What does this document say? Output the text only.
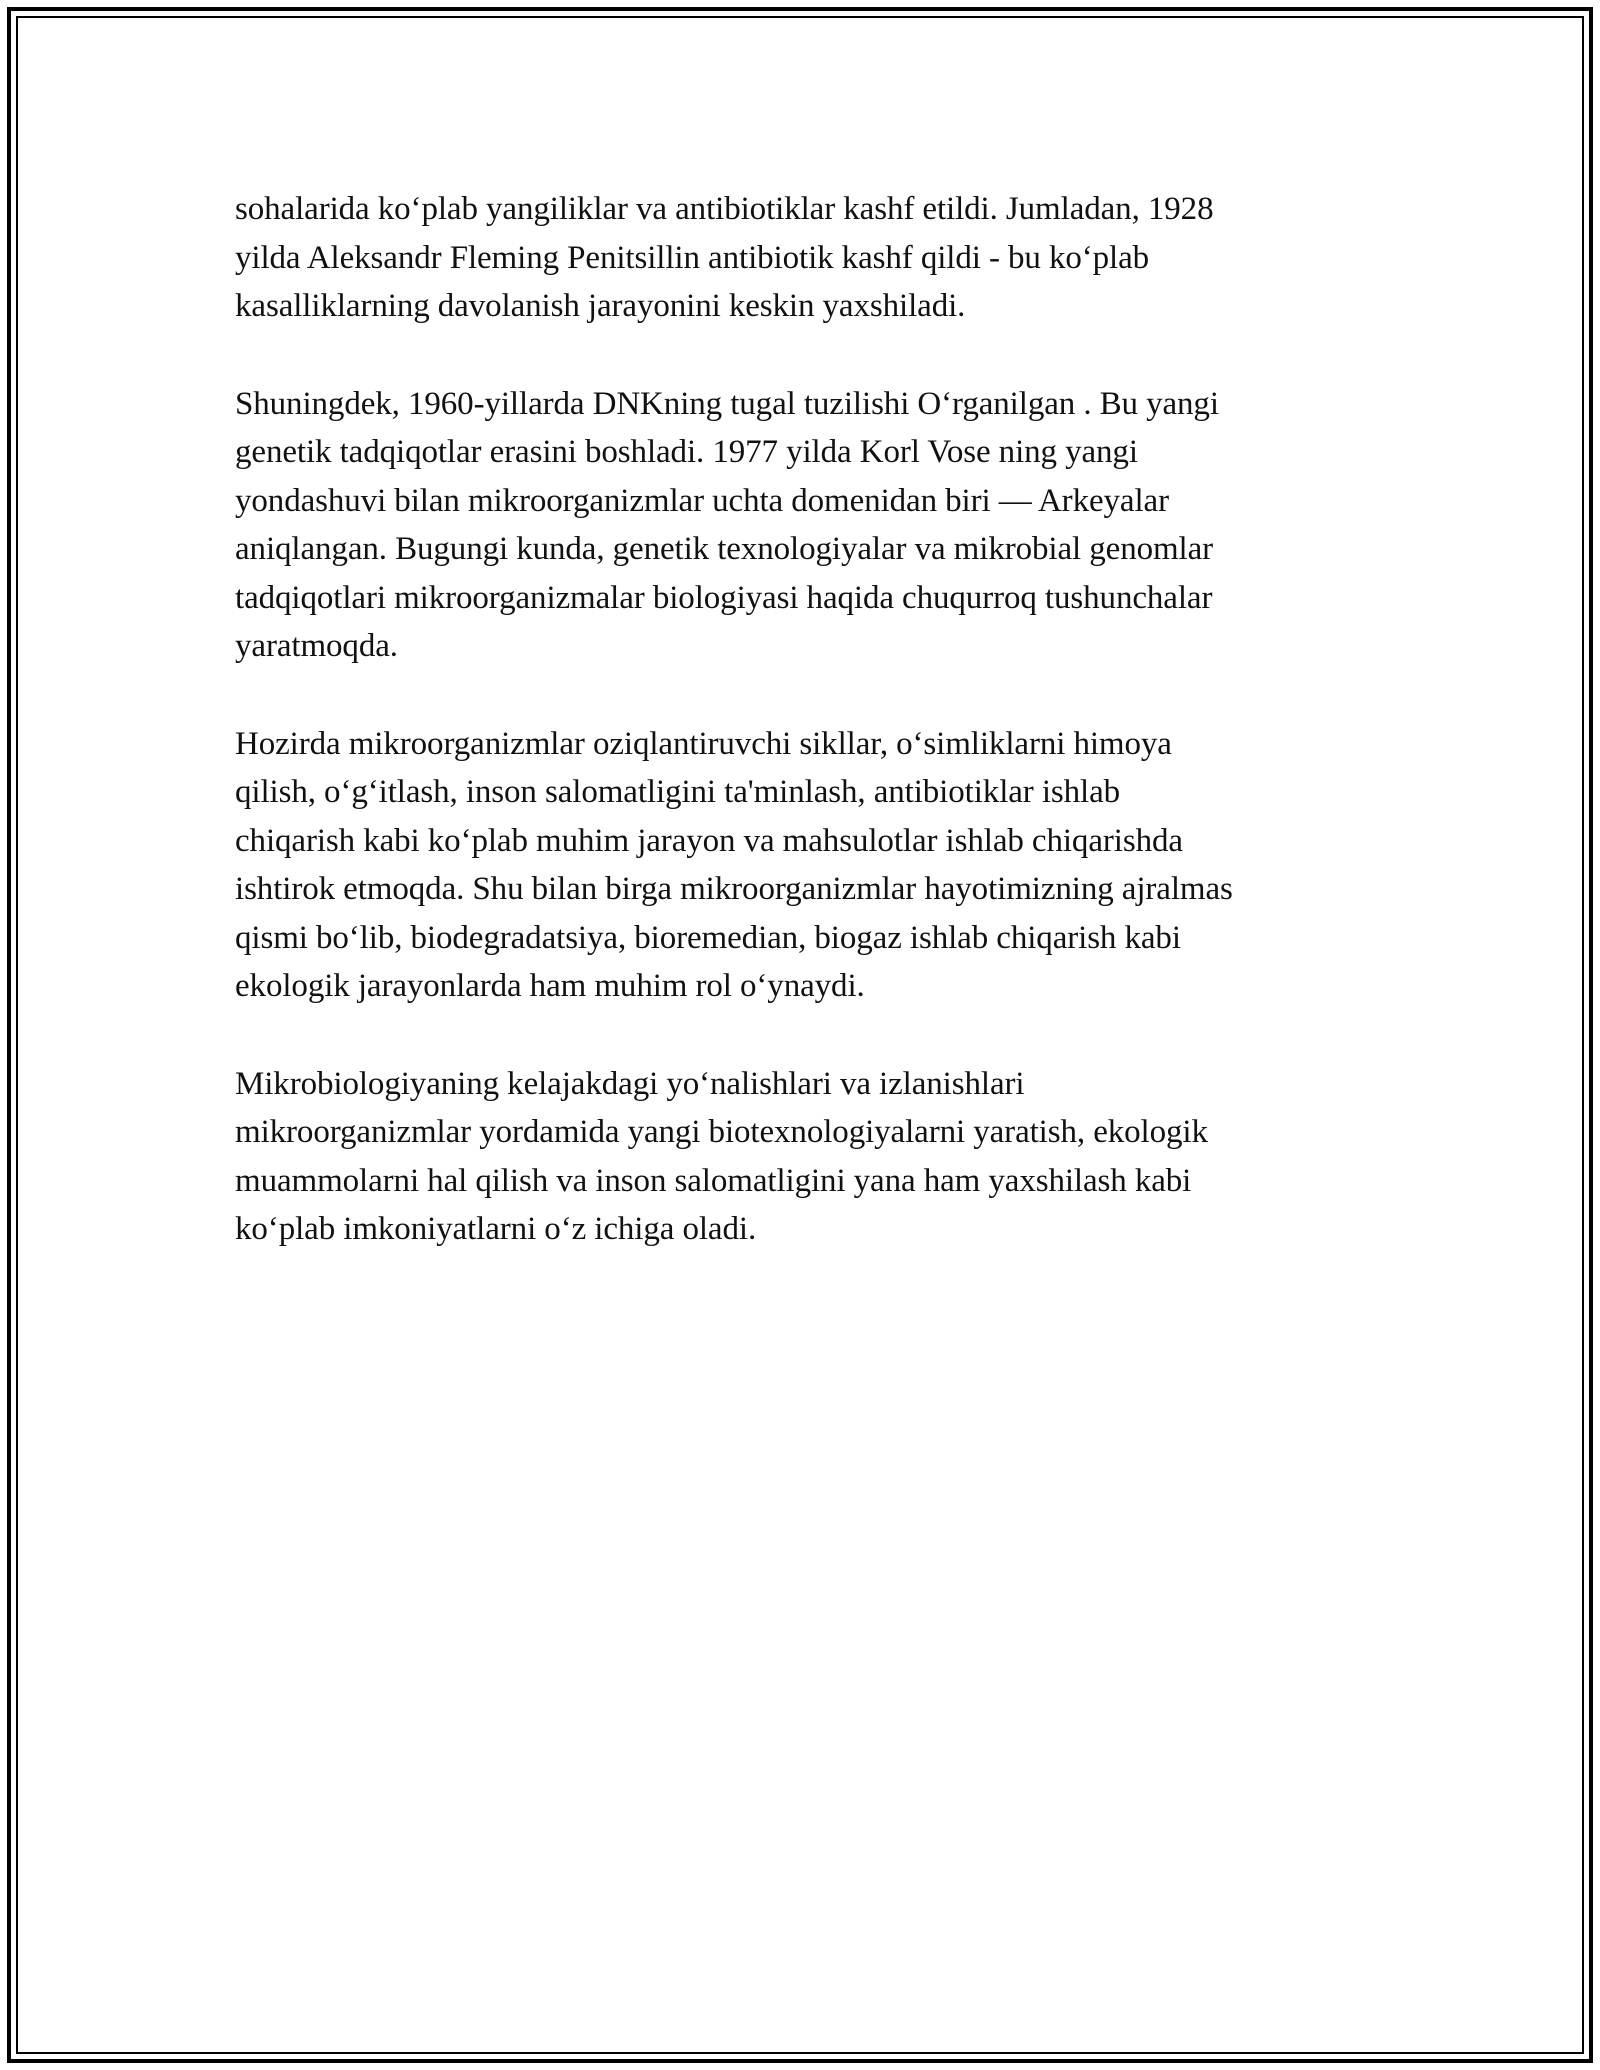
sohalarida ko‘plab yangiliklar va antibiotiklar kashf etildi. Jumladan, 1928
yilda Aleksandr Fleming Penitsillin antibiotik kashf qildi - bu ko‘plab
kasalliklarning davolanish jarayonini keskin yaxshiladi.

Shuningdek, 1960-yillarda DNKning tugal tuzilishi O‘rganilgan . Bu yangi
genetik tadqiqotlar erasini boshladi. 1977 yilda Korl Vose ning yangi
yondashuvi bilan mikroorganizmlar uchta domenidan biri — Arkeyalar
aniqlangan. Bugungi kunda, genetik texnologiyalar va mikrobial genomlar
tadqiqotlari mikroorganizmalar biologiyasi haqida chuqurroq tushunchalar
yaratmoqda.

Hozirda mikroorganizmlar oziqlantiruvchi sikllar, o‘simliklarni himoya
qilish, o‘g‘itlash, inson salomatligini ta'minlash, antibiotiklar ishlab
chiqarish kabi ko‘plab muhim jarayon va mahsulotlar ishlab chiqarishda
ishtirok etmoqda. Shu bilan birga mikroorganizmlar hayotimizning ajralmas
qismi bo‘lib, biodegradatsiya, bioremedian, biogaz ishlab chiqarish kabi
ekologik jarayonlarda ham muhim rol o‘ynaydi.

Mikrobiologiyaning kelajakdagi yo‘nalishlari va izlanishlari
mikroorganizmlar yordamida yangi biotexnologiyalarni yaratish, ekologik
muammolarni hal qilish va inson salomatligini yana ham yaxshilash kabi
ko‘plab imkoniyatlarni o‘z ichiga oladi.
